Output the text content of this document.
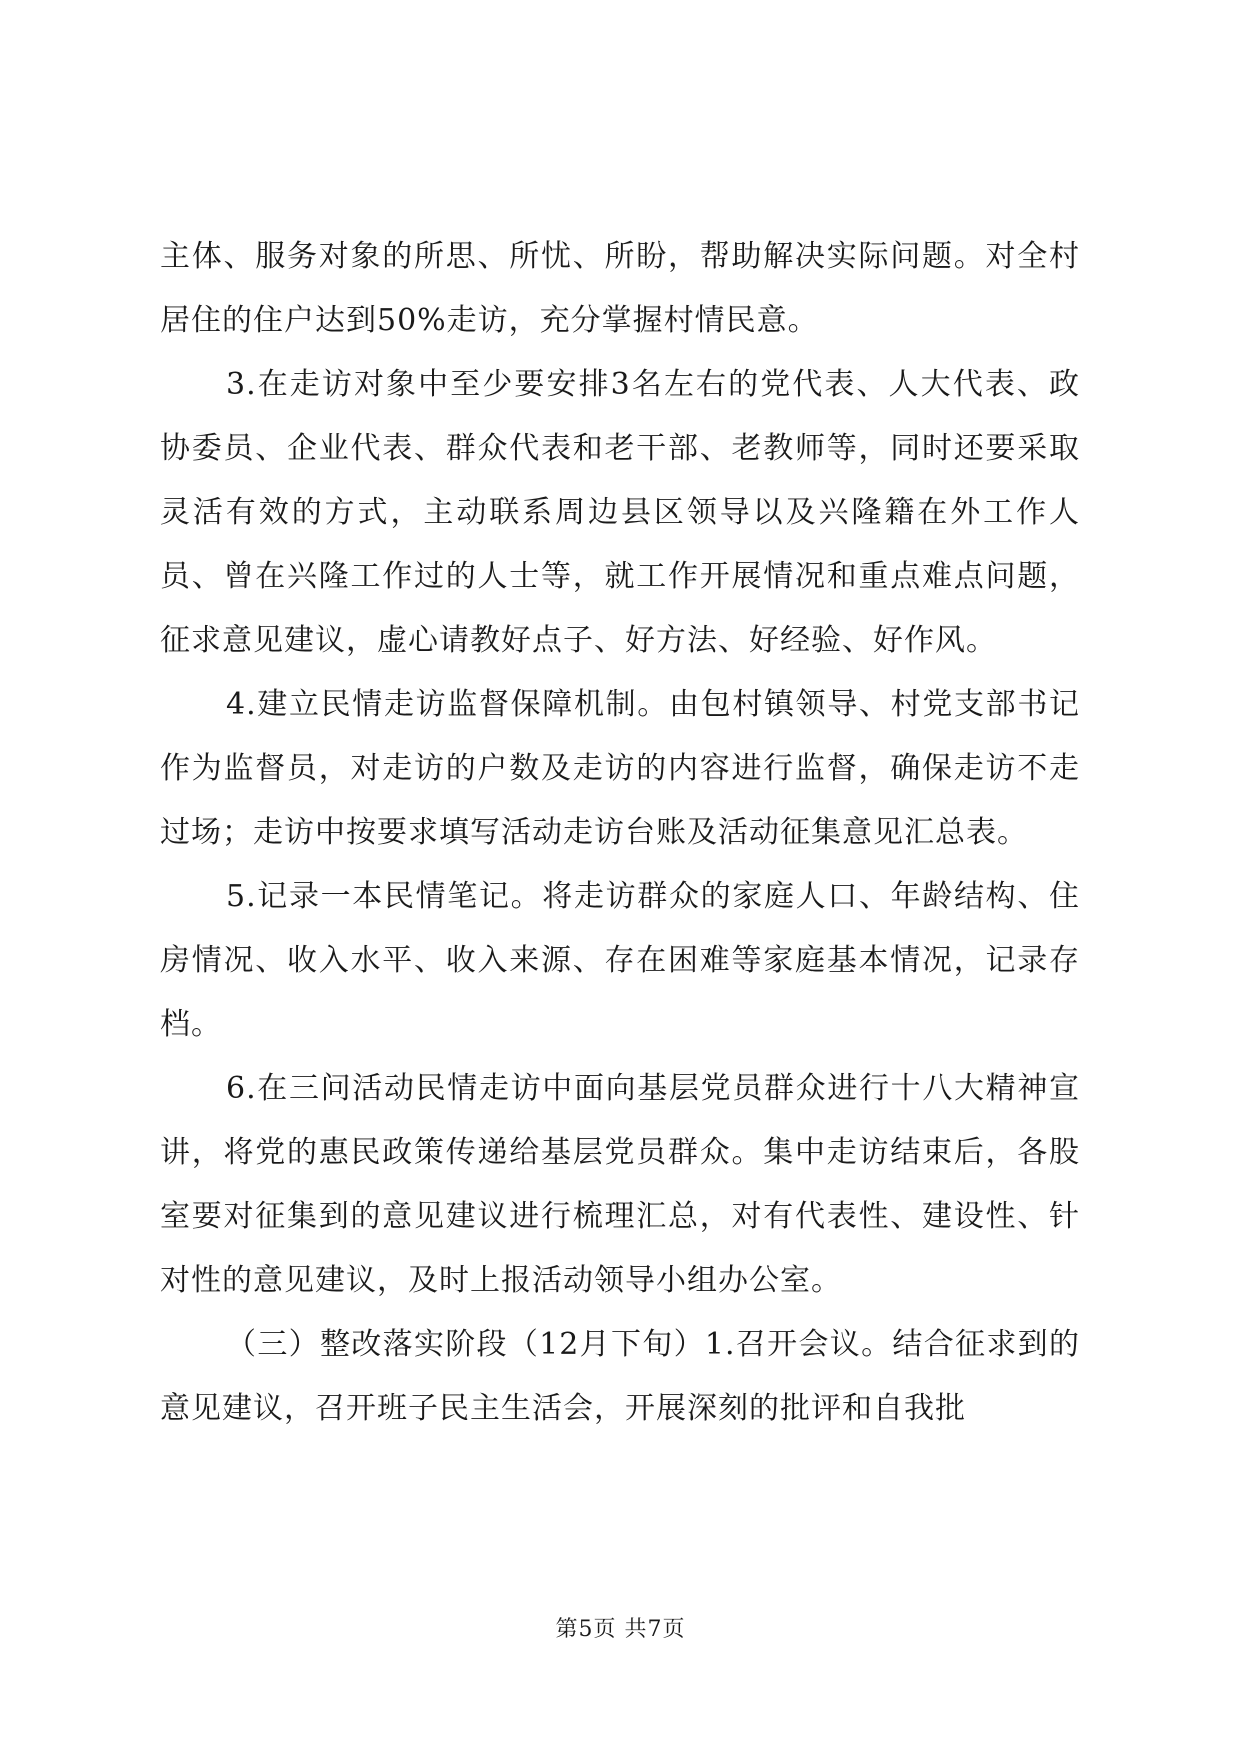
主体、服务对象的所思、所忧、所盼，帮助解决实际问题。对全村居住的住户达到50%走访，充分掌握村情民意。

3.在走访对象中至少要安排3名左右的党代表、人大代表、政协委员、企业代表、群众代表和老干部、老教师等，同时还要采取灵活有效的方式，主动联系周边县区领导以及兴隆籍在外工作人员、曾在兴隆工作过的人士等，就工作开展情况和重点难点问题，征求意见建议，虚心请教好点子、好方法、好经验、好作风。

4.建立民情走访监督保障机制。由包村镇领导、村党支部书记作为监督员，对走访的户数及走访的内容进行监督，确保走访不走过场；走访中按要求填写活动走访台账及活动征集意见汇总表。

5.记录一本民情笔记。将走访群众的家庭人口、年龄结构、住房情况、收入水平、收入来源、存在困难等家庭基本情况，记录存档。

6.在三问活动民情走访中面向基层党员群众进行十八大精神宣讲，将党的惠民政策传递给基层党员群众。集中走访结束后，各股室要对征集到的意见建议进行梳理汇总，对有代表性、建设性、针对性的意见建议，及时上报活动领导小组办公室。

（三）整改落实阶段（12月下旬）1.召开会议。结合征求到的意见建议，召开班子民主生活会，开展深刻的批评和自我批

第5页 共7页
